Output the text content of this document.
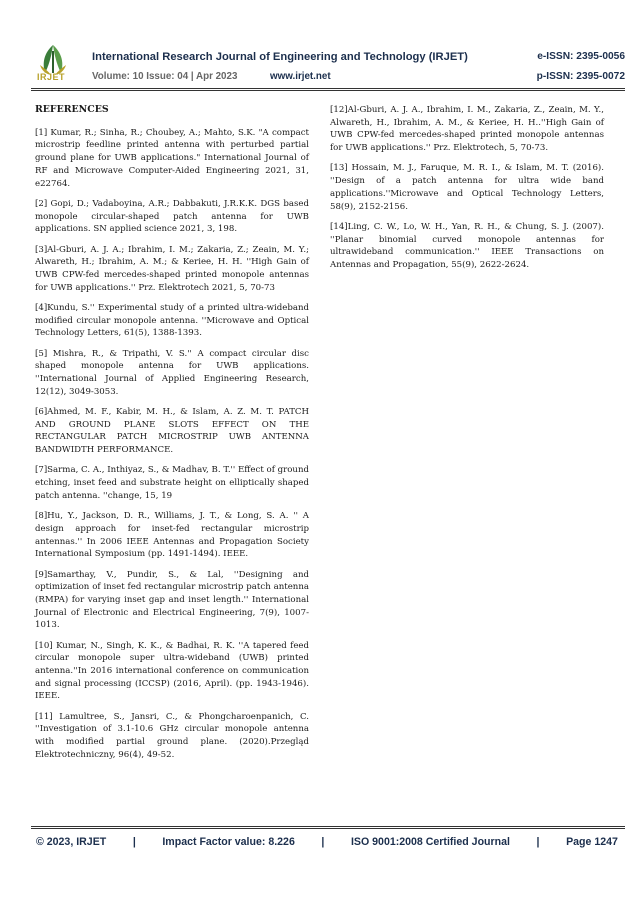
IRJET
International Research Journal of Engineering and Technology (IRJET)	e-ISSN: 2395-0056
Volume: 10 Issue: 04 | Apr 2023	www.irjet.net	p-ISSN: 2395-0072
REFERENCES
[1] Kumar, R.; Sinha, R.; Choubey, A.; Mahto, S.K. "A compact microstrip feedline printed antenna with perturbed partial ground plane for UWB applications." International Journal of RF and Microwave Computer-Aided Engineering 2021, 31, e22764.
[2] Gopi, D.; Vadaboyina, A.R.; Dabbakuti, J.R.K.K. DGS based monopole circular-shaped patch antenna for UWB applications. SN applied science 2021, 3, 198.
[3]Al-Gburi, A. J. A.; Ibrahim, I. M.; Zakaria, Z.; Zeain, M. Y.; Alwareth, H.; Ibrahim, A. M.; & Keriee, H. H. ''High Gain of UWB CPW-fed mercedes-shaped printed monopole antennas for UWB applications.'' Prz. Elektrotech 2021, 5, 70-73
[4]Kundu, S.'' Experimental study of a printed ultra-wideband modified circular monopole antenna. ''Microwave and Optical Technology Letters, 61(5), 1388-1393.
[5] Mishra, R., & Tripathi, V. S.'' A compact circular disc shaped monopole antenna for UWB applications. ''International Journal of Applied Engineering Research, 12(12), 3049-3053.
[6]Ahmed, M. F., Kabir, M. H., & Islam, A. Z. M. T. PATCH AND GROUND PLANE SLOTS EFFECT ON THE RECTANGULAR PATCH MICROSTRIP UWB ANTENNA BANDWIDTH PERFORMANCE.
[7]Sarma, C. A., Inthiyaz, S., & Madhav, B. T.'' Effect of ground etching, inset feed and substrate height on elliptically shaped patch antenna. ''change, 15, 19
[8]Hu, Y., Jackson, D. R., Williams, J. T., & Long, S. A. '' A design approach for inset-fed rectangular microstrip antennas.'' In 2006 IEEE Antennas and Propagation Society International Symposium (pp. 1491-1494). IEEE.
[9]Samarthay, V., Pundir, S., & Lal, ''Designing and optimization of inset fed rectangular microstrip patch antenna (RMPA) for varying inset gap and inset length.'' International Journal of Electronic and Electrical Engineering, 7(9), 1007-1013.
[10] Kumar, N., Singh, K. K., & Badhai, R. K. ''A tapered feed circular monopole super ultra-wideband (UWB) printed antenna.''In 2016 international conference on communication and signal processing (ICCSP) (2016, April). (pp. 1943-1946). IEEE.
[11] Lamultree, S., Jansri, C., & Phongcharoenpanich, C. ''Investigation of 3.1-10.6 GHz circular monopole antenna with modified partial ground plane. (2020).Przegląd Elektrotechniczny, 96(4), 49-52.
[12]Al-Gburi, A. J. A., Ibrahim, I. M., Zakaria, Z., Zeain, M. Y., Alwareth, H., Ibrahim, A. M., & Keriee, H. H..''High Gain of UWB CPW-fed mercedes-shaped printed monopole antennas for UWB applications.'' Prz. Elektrotech, 5, 70-73.
[13] Hossain, M. J., Faruque, M. R. I., & Islam, M. T. (2016). ''Design of a patch antenna for ultra wide band applications.''Microwave and Optical Technology Letters, 58(9), 2152-2156.
[14]Ling, C. W., Lo, W. H., Yan, R. H., & Chung, S. J. (2007). ''Planar binomial curved monopole antennas for ultrawideband communication.'' IEEE Transactions on Antennas and Propagation, 55(9), 2622-2624.
© 2023, IRJET	|	Impact Factor value: 8.226	|	ISO 9001:2008 Certified Journal	|	Page 1247
